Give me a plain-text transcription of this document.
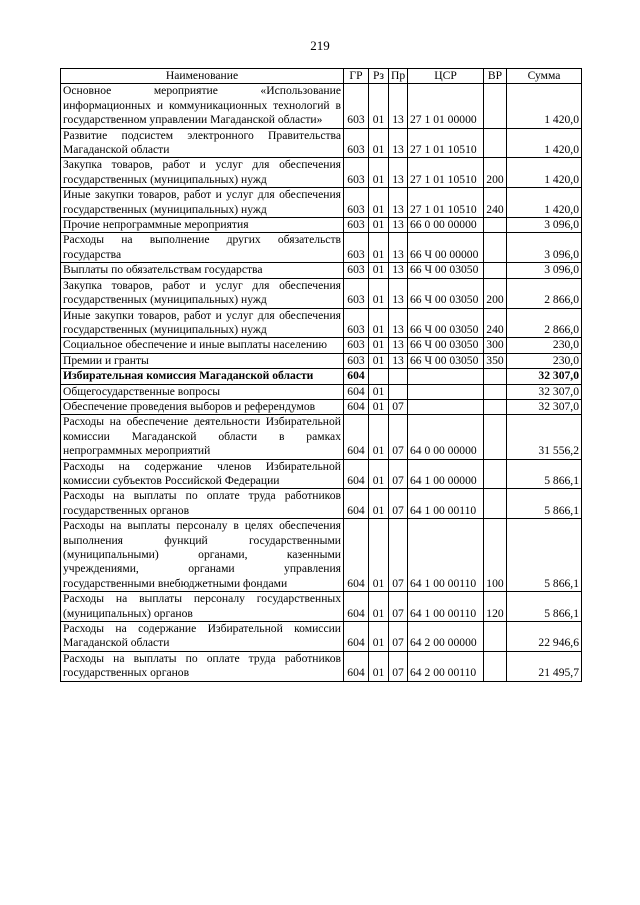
219
Наименование	ГР	Рз	Пр	ЦСР	ВР	Сумма
Основное мероприятие «Использование информационных и коммуникационных технологий в государственном управлении Магаданской области»	603	01	13	27 1 01 00000		1 420,0
Развитие подсистем электронного Правительства Магаданской области	603	01	13	27 1 01 10510		1 420,0
Закупка товаров, работ и услуг для обеспечения государственных (муниципальных) нужд	603	01	13	27 1 01 10510	200	1 420,0
Иные закупки товаров, работ и услуг для обеспечения государственных (муниципальных) нужд	603	01	13	27 1 01 10510	240	1 420,0
Прочие непрограммные мероприятия	603	01	13	66 0 00 00000		3 096,0
Расходы на выполнение других обязательств государства	603	01	13	66 Ч 00 00000		3 096,0
Выплаты по обязательствам государства	603	01	13	66 Ч 00 03050		3 096,0
Закупка товаров, работ и услуг для обеспечения государственных (муниципальных) нужд	603	01	13	66 Ч 00 03050	200	2 866,0
Иные закупки товаров, работ и услуг для обеспечения государственных (муниципальных) нужд	603	01	13	66 Ч 00 03050	240	2 866,0
Социальное обеспечение и иные выплаты населению	603	01	13	66 Ч 00 03050	300	230,0
Премии и гранты	603	01	13	66 Ч 00 03050	350	230,0
Избирательная комиссия Магаданской области	604					32 307,0
Общегосударственные вопросы	604	01				32 307,0
Обеспечение проведения выборов и референдумов	604	01	07			32 307,0
Расходы на обеспечение деятельности Избирательной комиссии Магаданской области в рамках непрограммных мероприятий	604	01	07	64 0 00 00000		31 556,2
Расходы на содержание членов Избирательной комиссии субъектов Российской Федерации	604	01	07	64 1 00 00000		5 866,1
Расходы на выплаты по оплате труда работников государственных органов	604	01	07	64 1 00 00110		5 866,1
Расходы на выплаты персоналу в целях обеспечения выполнения функций государственными (муниципальными) органами, казенными учреждениями, органами управления государственными внебюджетными фондами	604	01	07	64 1 00 00110	100	5 866,1
Расходы на выплаты персоналу государственных (муниципальных) органов	604	01	07	64 1 00 00110	120	5 866,1
Расходы на содержание Избирательной комиссии Магаданской области	604	01	07	64 2 00 00000		22 946,6
Расходы на выплаты по оплате труда работников государственных органов	604	01	07	64 2 00 00110		21 495,7
